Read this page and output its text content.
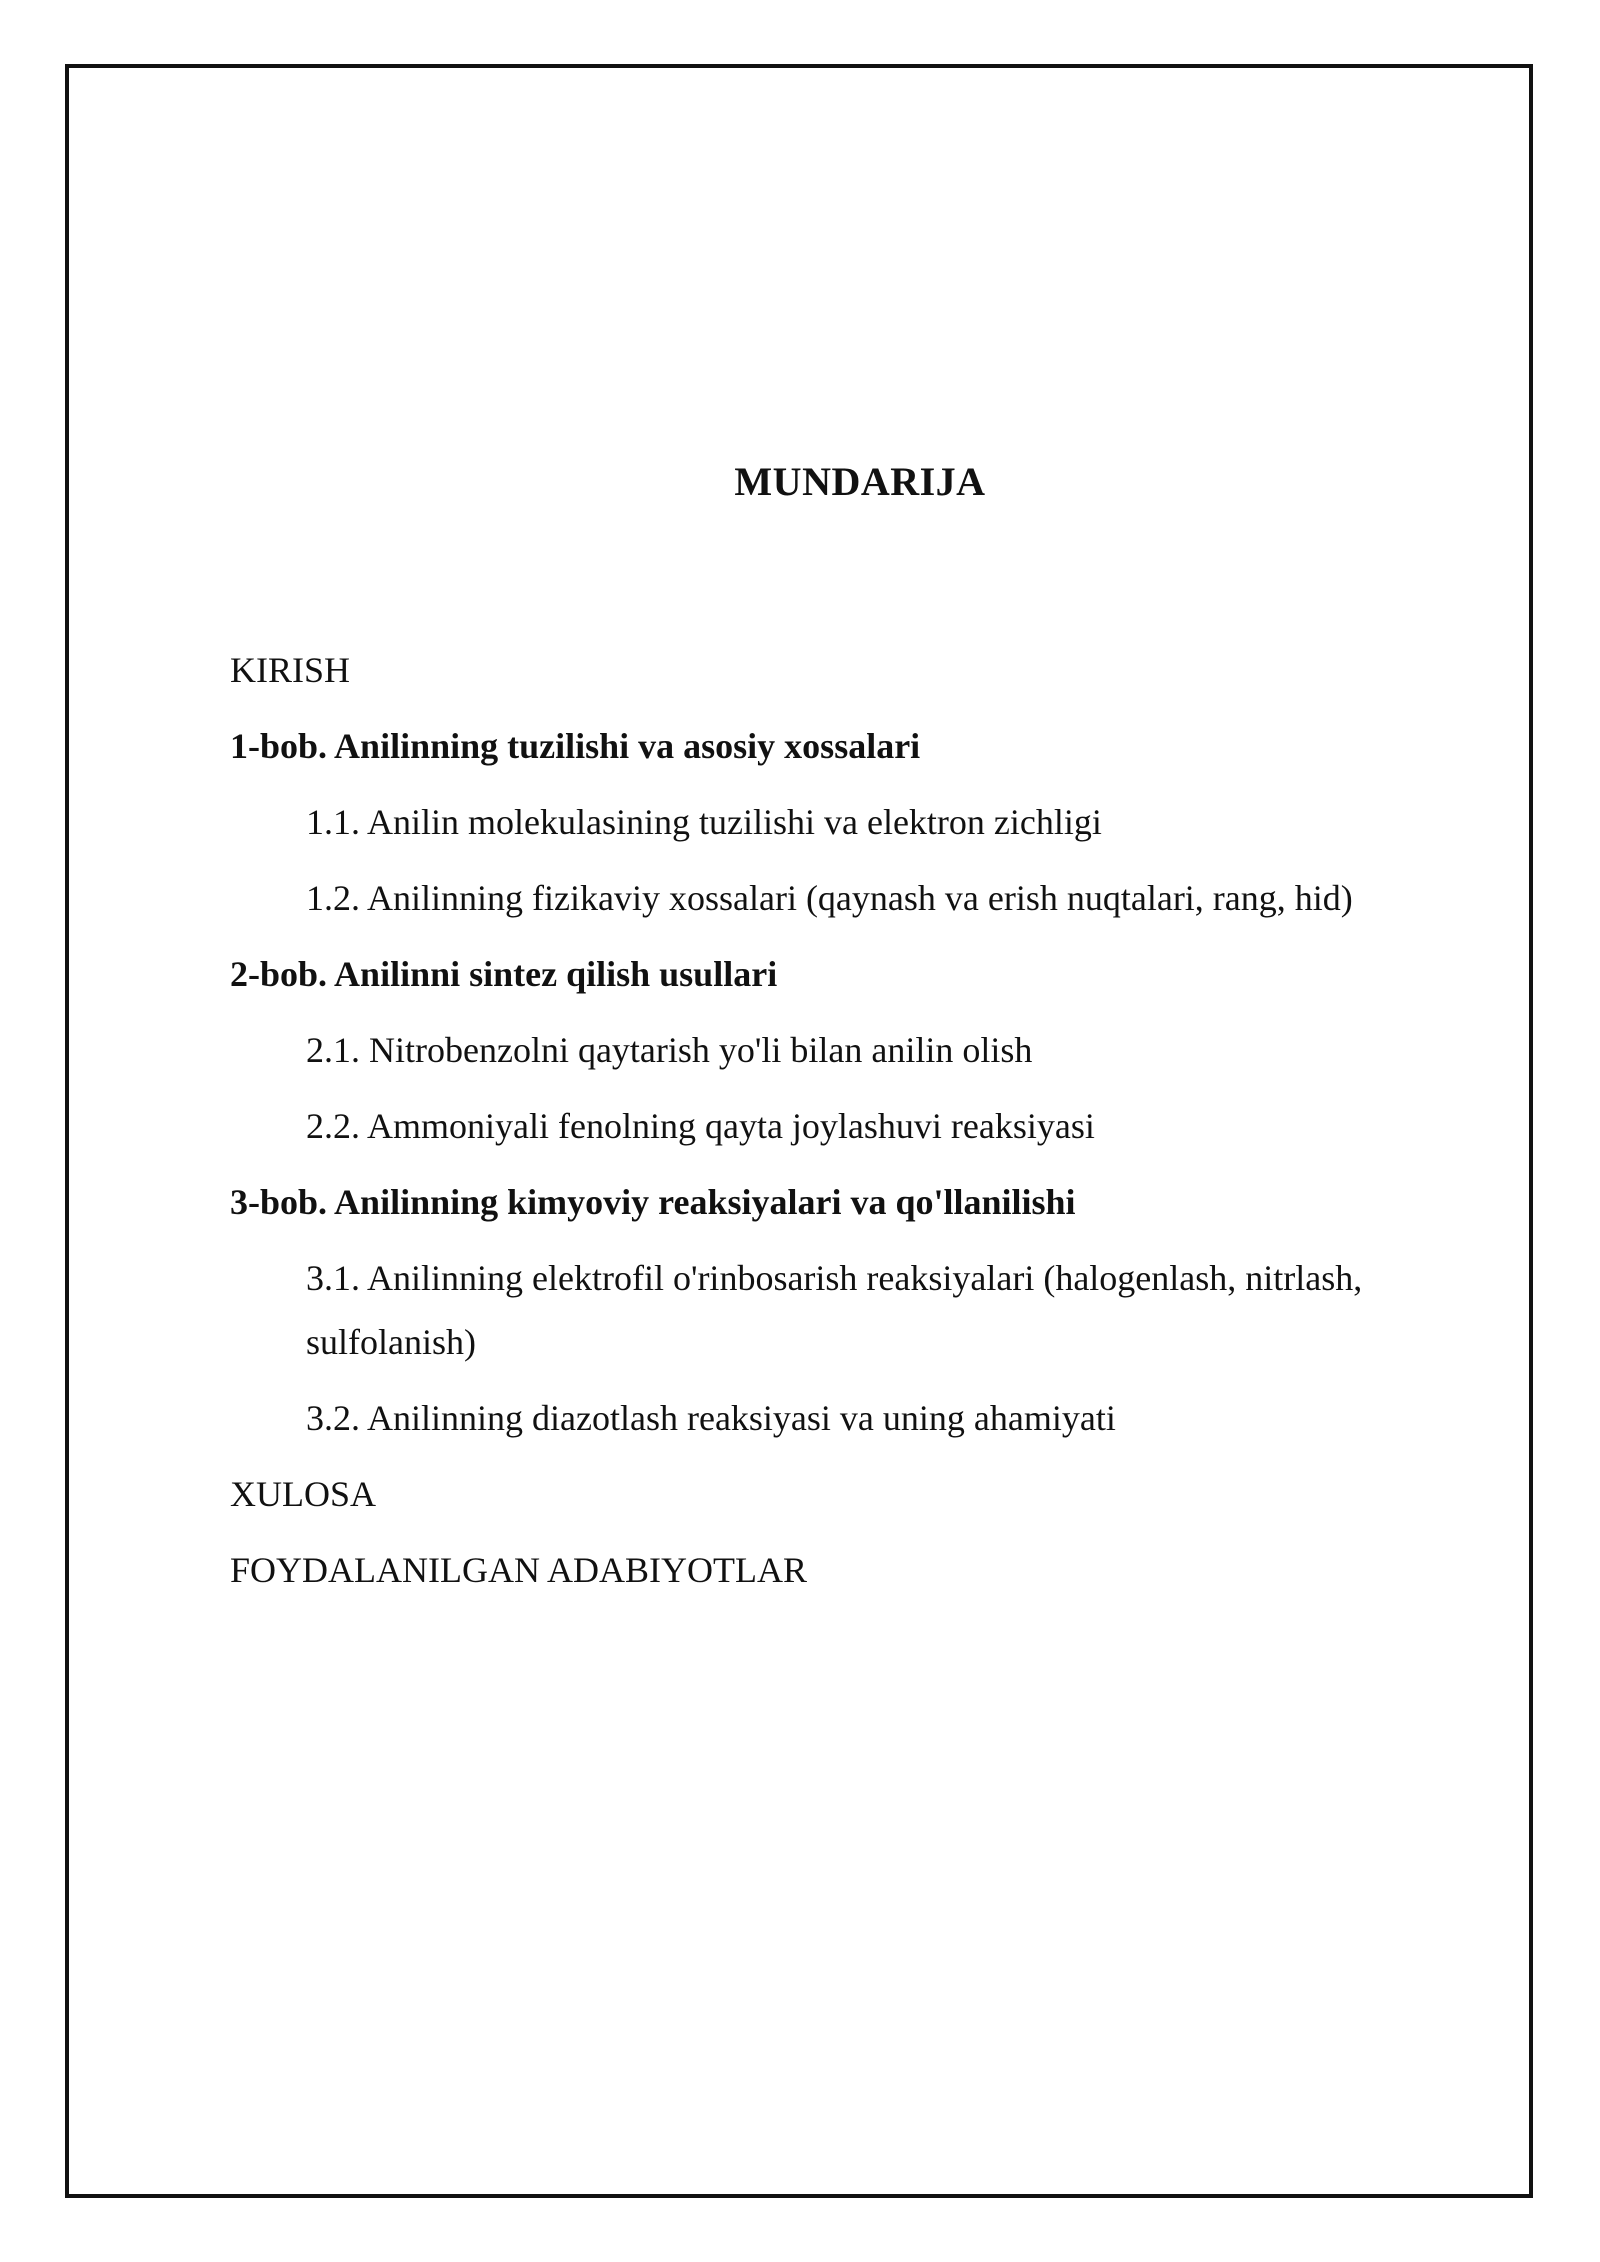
MUNDARIJA
KIRISH
1-bob. Anilinning tuzilishi va asosiy xossalari
1.1. Anilin molekulasining tuzilishi va elektron zichligi
1.2. Anilinning fizikaviy xossalari (qaynash va erish nuqtalari, rang, hid)
2-bob. Anilinni sintez qilish usullari
2.1. Nitrobenzolni qaytarish yo'li bilan anilin olish
2.2. Ammoniyali fenolning qayta joylashuvi reaksiyasi
3-bob. Anilinning kimyoviy reaksiyalari va qo'llanilishi
3.1. Anilinning elektrofil o'rinbosarish reaksiyalari (halogenlash, nitrlash, sulfolanish)
3.2. Anilinning diazotlash reaksiyasi va uning ahamiyati
XULOSA
FOYDALANILGAN ADABIYOTLAR
